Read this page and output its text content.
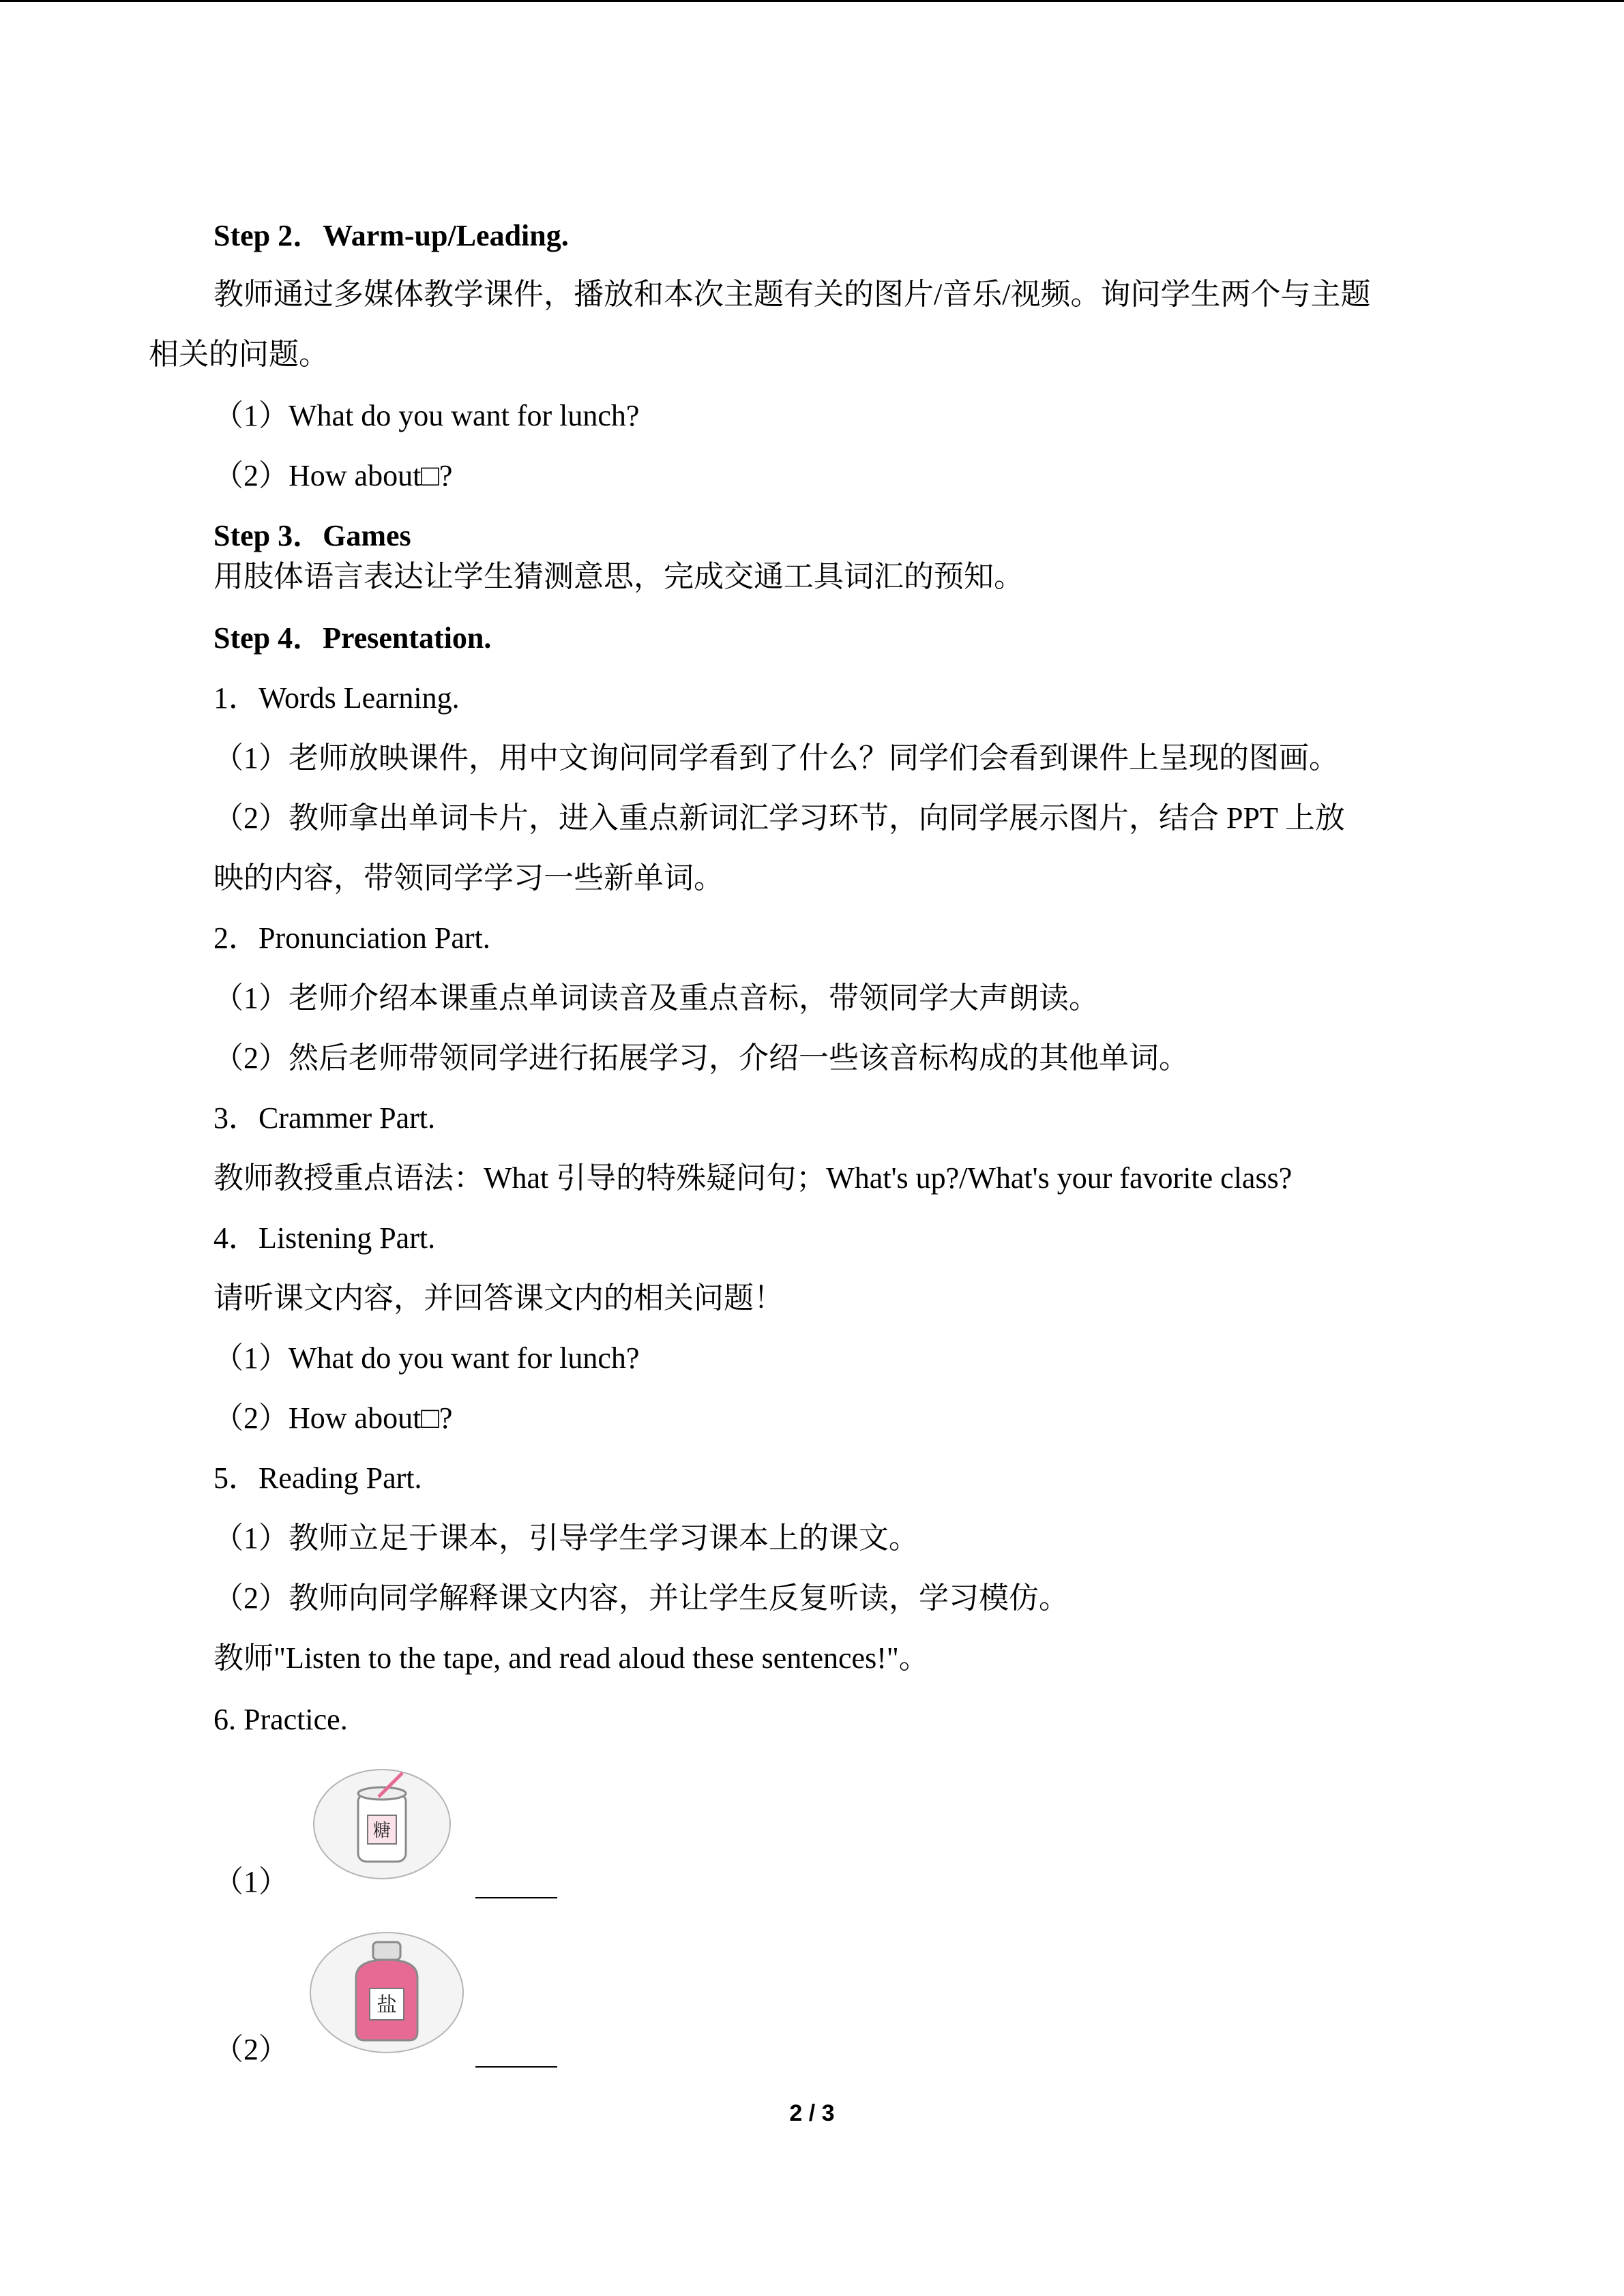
Step 2．Warm-up/Leading.
教师通过多媒体教学课件，播放和本次主题有关的图片/音乐/视频。询问学生两个与主题
相关的问题。
（1）What do you want for lunch?
（2）How about□?
Step 3．Games
用肢体语言表达让学生猜测意思，完成交通工具词汇的预知。
Step 4．Presentation.
1．Words Learning.
（1）老师放映课件，用中文询问同学看到了什么？同学们会看到课件上呈现的图画。
（2）教师拿出单词卡片，进入重点新词汇学习环节，向同学展示图片，结合 PPT 上放
映的内容，带领同学学习一些新单词。
2．Pronunciation Part.
（1）老师介绍本课重点单词读音及重点音标，带领同学大声朗读。
（2）然后老师带领同学进行拓展学习，介绍一些该音标构成的其他单词。
3．Crammer Part.
教师教授重点语法：What 引导的特殊疑问句；What's up?/What's your favorite class?
4．Listening Part.
请听课文内容，并回答课文内的相关问题！
（1）What do you want for lunch?
（2）How about□?
5．Reading Part.
（1）教师立足于课本，引导学生学习课本上的课文。
（2）教师向同学解释课文内容，并让学生反复听读，学习模仿。
教师"Listen to the tape, and read aloud these sentences!"。
6. Practice.
（1）
糖
（2）
盐
2 / 3
